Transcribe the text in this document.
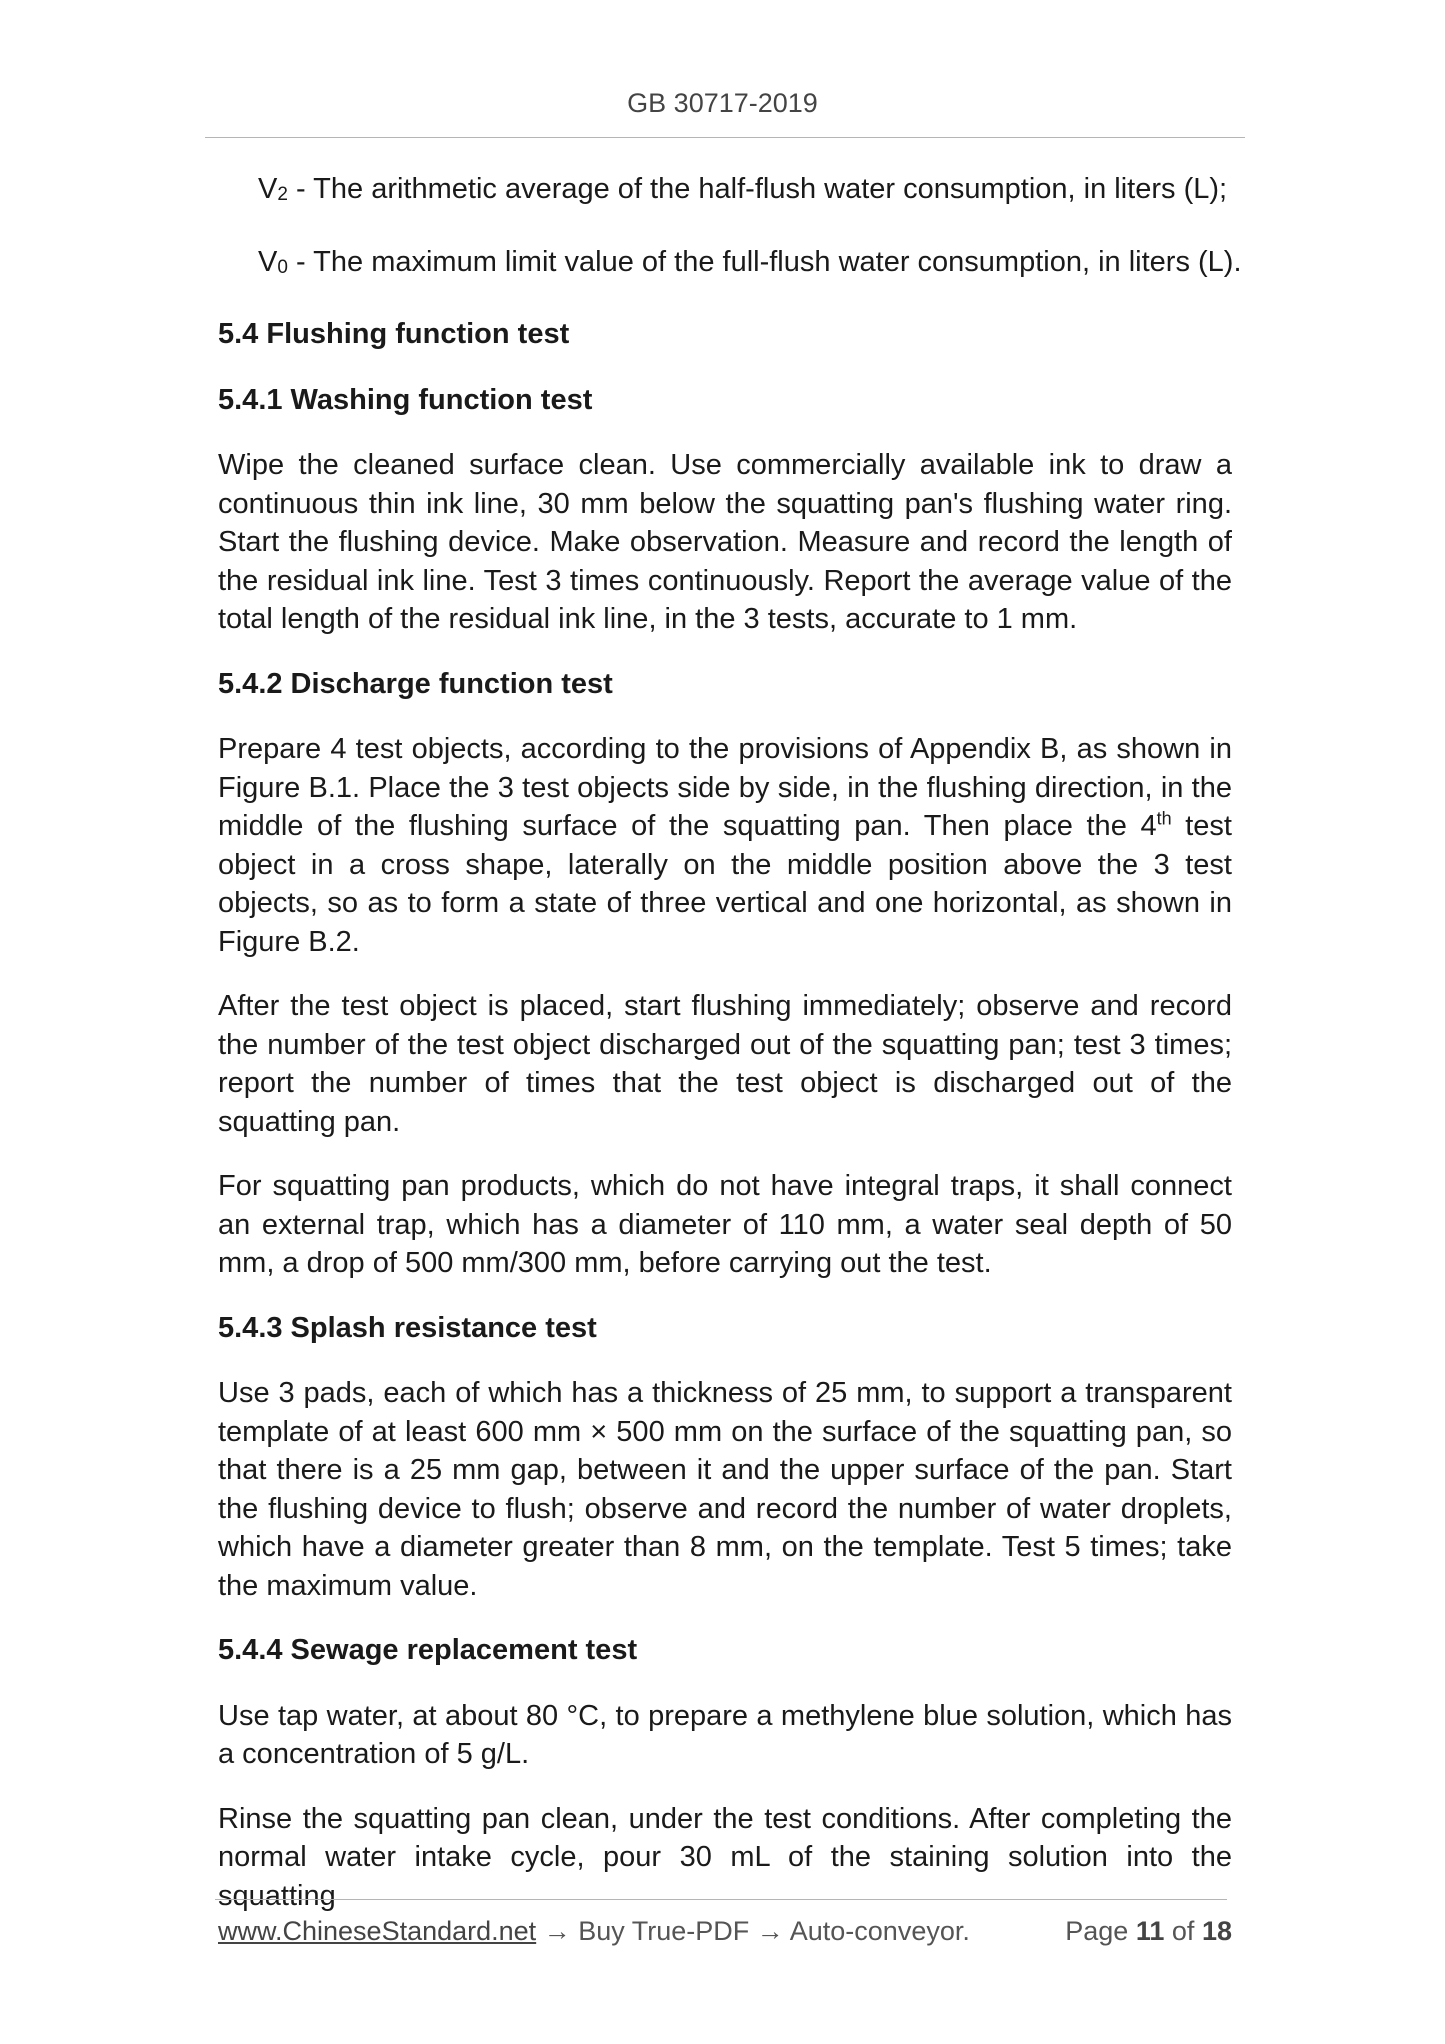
GB 30717-2019
$V_2$ - The arithmetic average of the half-flush water consumption, in liters (L);
$V_0$ - The maximum limit value of the full-flush water consumption, in liters (L).
5.4 Flushing function test
5.4.1 Washing function test

Wipe the cleaned surface clean. Use commercially available ink to draw a continuous thin ink line, 30 mm below the squatting pan's flushing water ring. Start the flushing device. Make observation. Measure and record the length of the residual ink line. Test 3 times continuously. Report the average value of the total length of the residual ink line, in the 3 tests, accurate to 1 mm.

5.4.2 Discharge function test

Prepare 4 test objects, according to the provisions of Appendix B, as shown in Figure B.1. Place the 3 test objects side by side, in the flushing direction, in the middle of the flushing surface of the squatting pan. Then place the 4th test object in a cross shape, laterally on the middle position above the 3 test objects, so as to form a state of three vertical and one horizontal, as shown in Figure B.2.

After the test object is placed, start flushing immediately; observe and record the number of the test object discharged out of the squatting pan; test 3 times; report the number of times that the test object is discharged out of the squatting pan.

For squatting pan products, which do not have integral traps, it shall connect an external trap, which has a diameter of 110 mm, a water seal depth of 50 mm, a drop of 500 mm/300 mm, before carrying out the test.

5.4.3 Splash resistance test

Use 3 pads, each of which has a thickness of 25 mm, to support a transparent template of at least 600 mm × 500 mm on the surface of the squatting pan, so that there is a 25 mm gap, between it and the upper surface of the pan. Start the flushing device to flush; observe and record the number of water droplets, which have a diameter greater than 8 mm, on the template. Test 5 times; take the maximum value.

5.4.4 Sewage replacement test

Use tap water, at about 80 °C, to prepare a methylene blue solution, which has a concentration of 5 g/L.

Rinse the squatting pan clean, under the test conditions. After completing the normal water intake cycle, pour 30 mL of the staining solution into the squatting

www.ChineseStandard.net → Buy True-PDF → Auto-conveyor.	Page 11 of 18
